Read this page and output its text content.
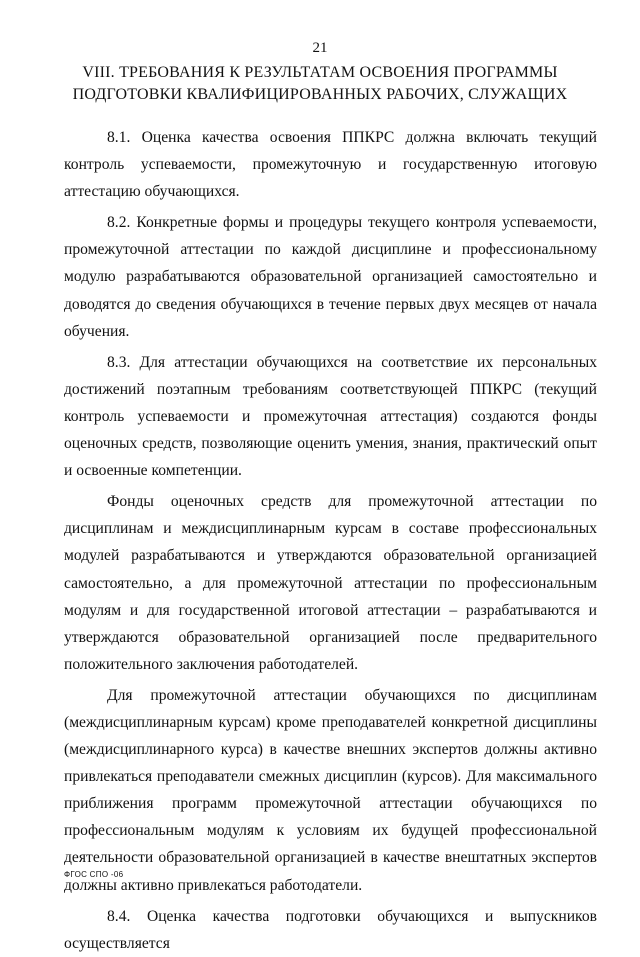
21
VIII. ТРЕБОВАНИЯ К РЕЗУЛЬТАТАМ ОСВОЕНИЯ ПРОГРАММЫ
ПОДГОТОВКИ КВАЛИФИЦИРОВАННЫХ РАБОЧИХ, СЛУЖАЩИХ

8.1. Оценка качества освоения ППКРС должна включать текущий контроль успеваемости, промежуточную и государственную итоговую аттестацию обучающихся.

8.2. Конкретные формы и процедуры текущего контроля успеваемости, промежуточной аттестации по каждой дисциплине и профессиональному модулю разрабатываются образовательной организацией самостоятельно и доводятся до сведения обучающихся в течение первых двух месяцев от начала обучения.

8.3. Для аттестации обучающихся на соответствие их персональных достижений поэтапным требованиям соответствующей ППКРС (текущий контроль успеваемости и промежуточная аттестация) создаются фонды оценочных средств, позволяющие оценить умения, знания, практический опыт и освоенные компетенции.

Фонды оценочных средств для промежуточной аттестации по дисциплинам и междисциплинарным курсам в составе профессиональных модулей разрабатываются и утверждаются образовательной организацией самостоятельно, а для промежуточной аттестации по профессиональным модулям и для государственной итоговой аттестации – разрабатываются и утверждаются образовательной организацией после предварительного положительного заключения работодателей.

Для промежуточной аттестации обучающихся по дисциплинам (междисциплинарным курсам) кроме преподавателей конкретной дисциплины (междисциплинарного курса) в качестве внешних экспертов должны активно привлекаться преподаватели смежных дисциплин (курсов). Для максимального приближения программ промежуточной аттестации обучающихся по профессиональным модулям к условиям их будущей профессиональной деятельности образовательной организацией в качестве внештатных экспертов должны активно привлекаться работодатели.

8.4. Оценка качества подготовки обучающихся и выпускников осуществляется

ФГОС СПО -06
